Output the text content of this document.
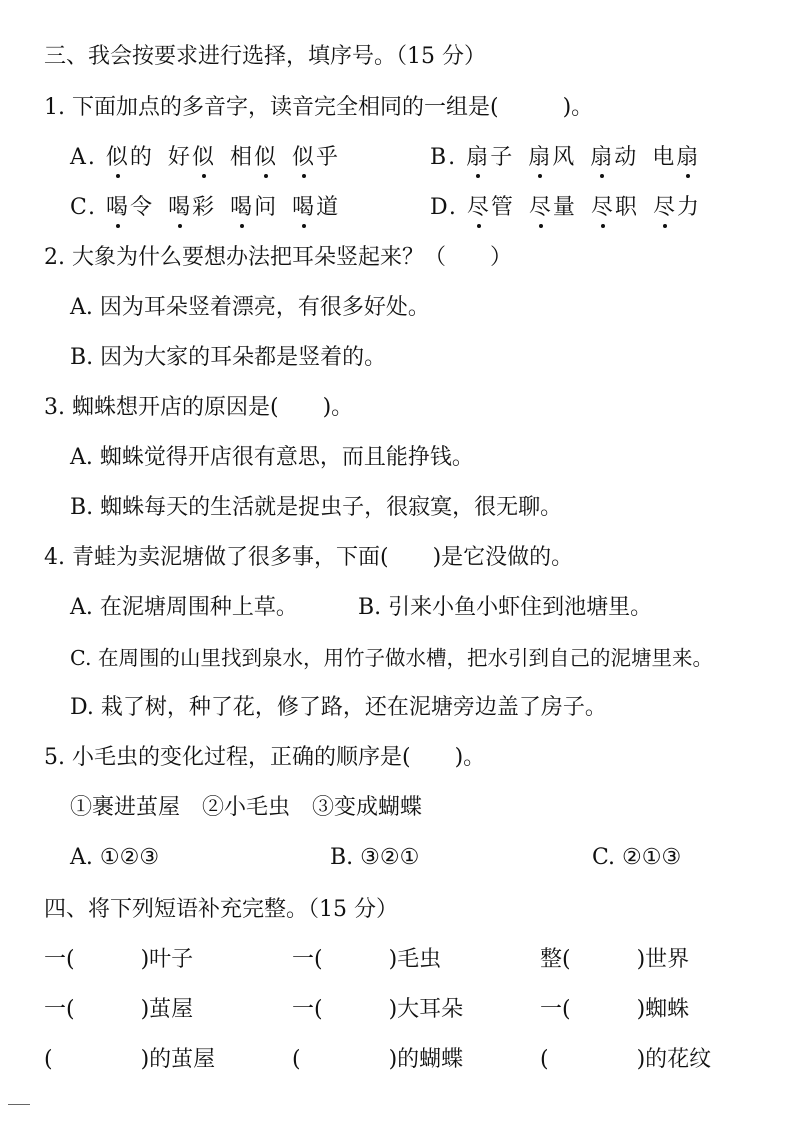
三、我会按要求进行选择，填序号。（15 分）
1. 下面加点的多音字，读音完全相同的一组是(	)。
A. 似的 好似 相似 似乎	B. 扇子 扇风 扇动 电扇
C. 喝令 喝彩 喝问 喝道	D. 尽管 尽量 尽职 尽力
2. 大象为什么要想办法把耳朵竖起来？（　　）
A. 因为耳朵竖着漂亮，有很多好处。
B. 因为大家的耳朵都是竖着的。
3. 蜘蛛想开店的原因是(　　)。
A. 蜘蛛觉得开店很有意思，而且能挣钱。
B. 蜘蛛每天的生活就是捉虫子，很寂寞，很无聊。
4. 青蛙为卖泥塘做了很多事，下面(　　)是它没做的。
A. 在泥塘周围种上草。	B. 引来小鱼小虾住到池塘里。
C. 在周围的山里找到泉水，用竹子做水槽，把水引到自己的泥塘里来。
D. 栽了树，种了花，修了路，还在泥塘旁边盖了房子。
5. 小毛虫的变化过程，正确的顺序是(　　)。
①裹进茧屋　②小毛虫　③变成蝴蝶
A. ①②③	B. ③②①	C. ②①③
四、将下列短语补充完整。（15 分）
一(　　　)叶子	一(　　　)毛虫	整(　　　)世界
一(　　　)茧屋	一(　　　)大耳朵	一(　　　)蜘蛛
(　　　　)的茧屋	(　　　　)的蝴蝶	(　　　　)的花纹
